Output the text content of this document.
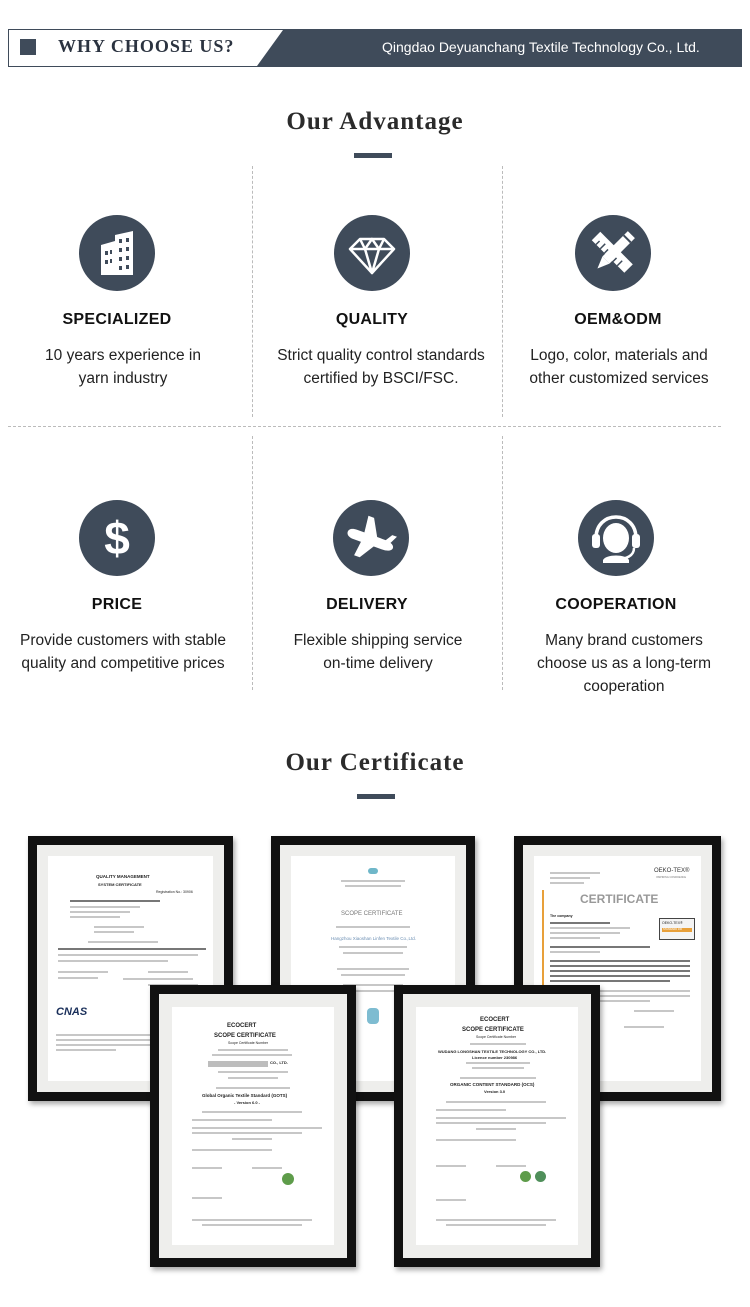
WHY CHOOSE US?	Qingdao Deyuanchang Textile Technology Co., Ltd.
Our Advantage
SPECIALIZED
10 years experience in
yarn industry
QUALITY
Strict quality control standards
certified by BSCI/FSC.
OEM&ODM
Logo, color, materials and
other customized services
$
PRICE
Provide customers with stable
quality and competitive prices
DELIVERY
Flexible shipping service
on-time delivery
COOPERATION
Many brand customers
choose us as a long-term
cooperation
Our Certificate
QUALITY MANAGEMENT
SYSTEM CERTIFICATE
Registration No.: 30906
CNAS
SCOPE CERTIFICATE
Hangzhou Xiaoshan Linfen Textile Co.,Ltd.
OEKO-TEX®
INSPIRING CONFIDENCE
CERTIFICATE
The company
OEKO-TEX®
STANDARD 100
ECOCERT
SCOPE CERTIFICATE
Scope Certificate Number
CO., LTD.
Global Organic Textile Standard (GOTS)
- Version 6.0 -
ECOCERT
SCOPE CERTIFICATE
Scope Certificate Number
WUDANG LONGSHAN TEXTILE TECHNOLOGY CO., LTD.
Licence number 230986
ORGANIC CONTENT STANDARD (OCS)
Version 3.0
